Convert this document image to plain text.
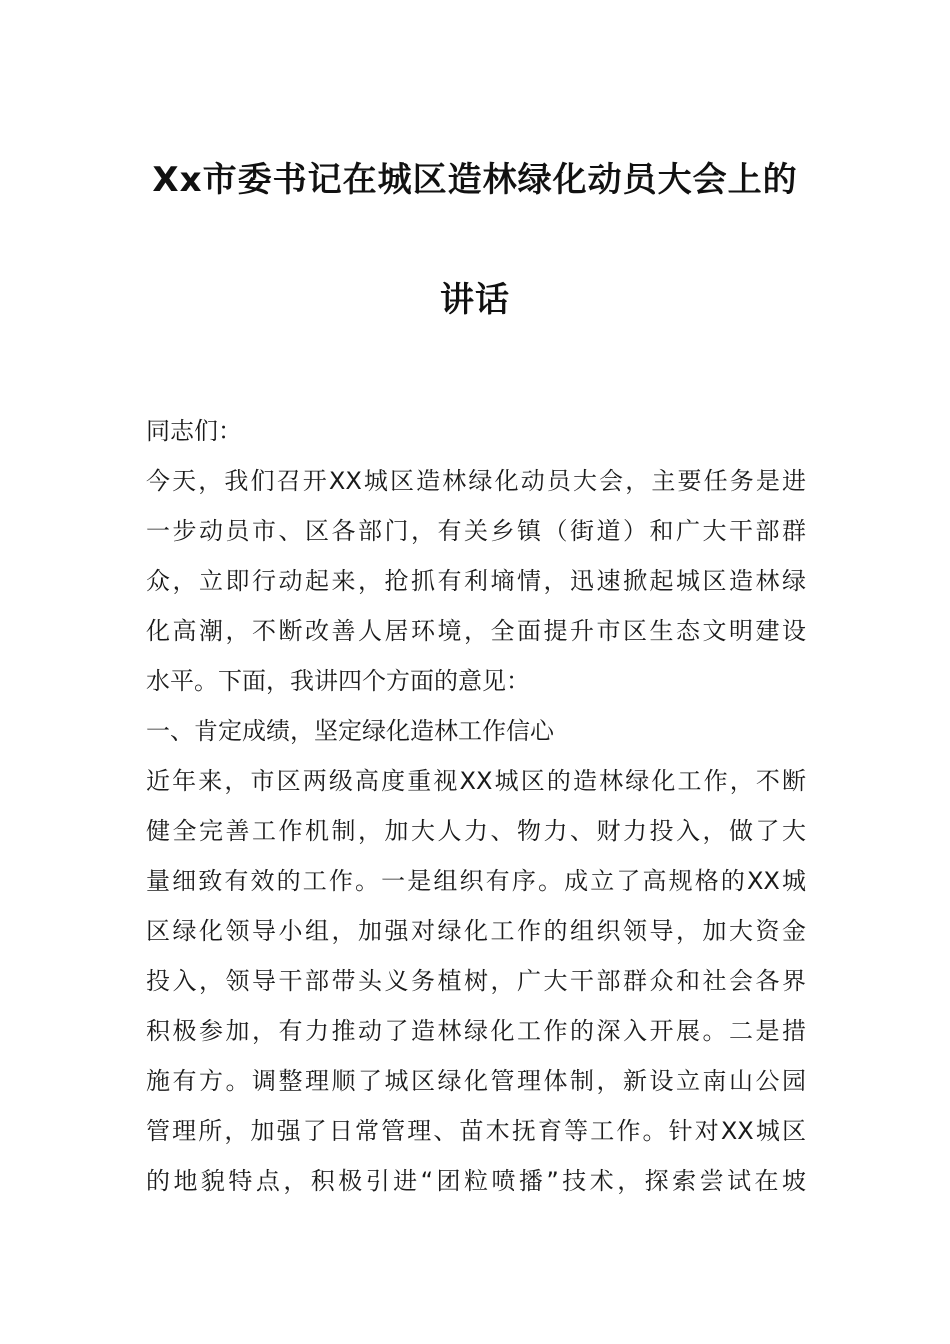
Xx市委书记在城区造林绿化动员大会上的
讲话
同志们：
今天，我们召开XX城区造林绿化动员大会，主要任务是进
一步动员市、区各部门，有关乡镇（街道）和广大干部群
众，立即行动起来，抢抓有利墒情，迅速掀起城区造林绿
化高潮，不断改善人居环境，全面提升市区生态文明建设
水平。下面，我讲四个方面的意见：
一、肯定成绩，坚定绿化造林工作信心
近年来，市区两级高度重视XX城区的造林绿化工作，不断
健全完善工作机制，加大人力、物力、财力投入，做了大
量细致有效的工作。一是组织有序。成立了高规格的XX城
区绿化领导小组，加强对绿化工作的组织领导，加大资金
投入，领导干部带头义务植树，广大干部群众和社会各界
积极参加，有力推动了造林绿化工作的深入开展。二是措
施有方。调整理顺了城区绿化管理体制，新设立南山公园
管理所，加强了日常管理、苗木抚育等工作。针对XX城区
的地貌特点，积极引进“团粒喷播”技术，探索尝试在坡
